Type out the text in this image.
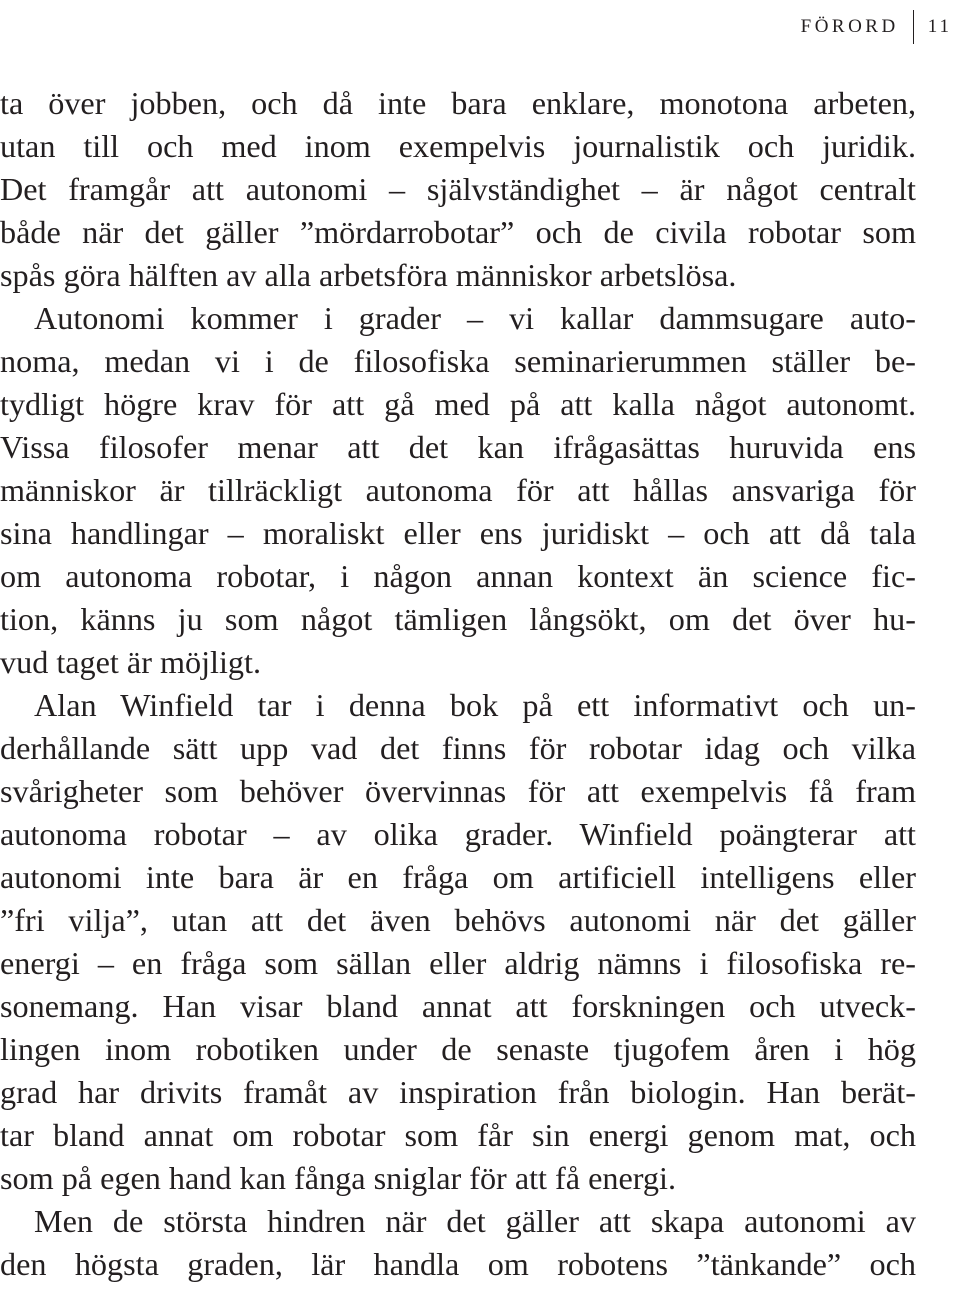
FÖRORD	11
ta över jobben, och då inte bara enklare, monotona arbeten,
utan till och med inom exempelvis journalistik och juridik.
Det framgår att autonomi – självständighet – är något centralt
både när det gäller ”mördarrobotar” och de civila robotar som
spås göra hälften av alla arbetsföra människor arbetslösa.
Autonomi kommer i grader – vi kallar dammsugare auto-
noma, medan vi i de filosofiska seminarierummen ställer be-
tydligt högre krav för att gå med på att kalla något autonomt.
Vissa filosofer menar att det kan ifrågasättas huruvida ens
människor är tillräckligt autonoma för att hållas ansvariga för
sina handlingar – moraliskt eller ens juridiskt – och att då tala
om autonoma robotar, i någon annan kontext än science fic-
tion, känns ju som något tämligen långsökt, om det över hu-
vud taget är möjligt.
Alan Winfield tar i denna bok på ett informativt och un-
derhållande sätt upp vad det finns för robotar idag och vilka
svårigheter som behöver övervinnas för att exempelvis få fram
autonoma robotar – av olika grader. Winfield poängterar att
autonomi inte bara är en fråga om artificiell intelligens eller
”fri vilja”, utan att det även behövs autonomi när det gäller
energi – en fråga som sällan eller aldrig nämns i filosofiska re-
sonemang. Han visar bland annat att forskningen och utveck-
lingen inom robotiken under de senaste tjugofem åren i hög
grad har drivits framåt av inspiration från biologin. Han berät-
tar bland annat om robotar som får sin energi genom mat, och
som på egen hand kan fånga sniglar för att få energi.
Men de största hindren när det gäller att skapa autonomi av
den högsta graden, lär handla om robotens ”tänkande” och
